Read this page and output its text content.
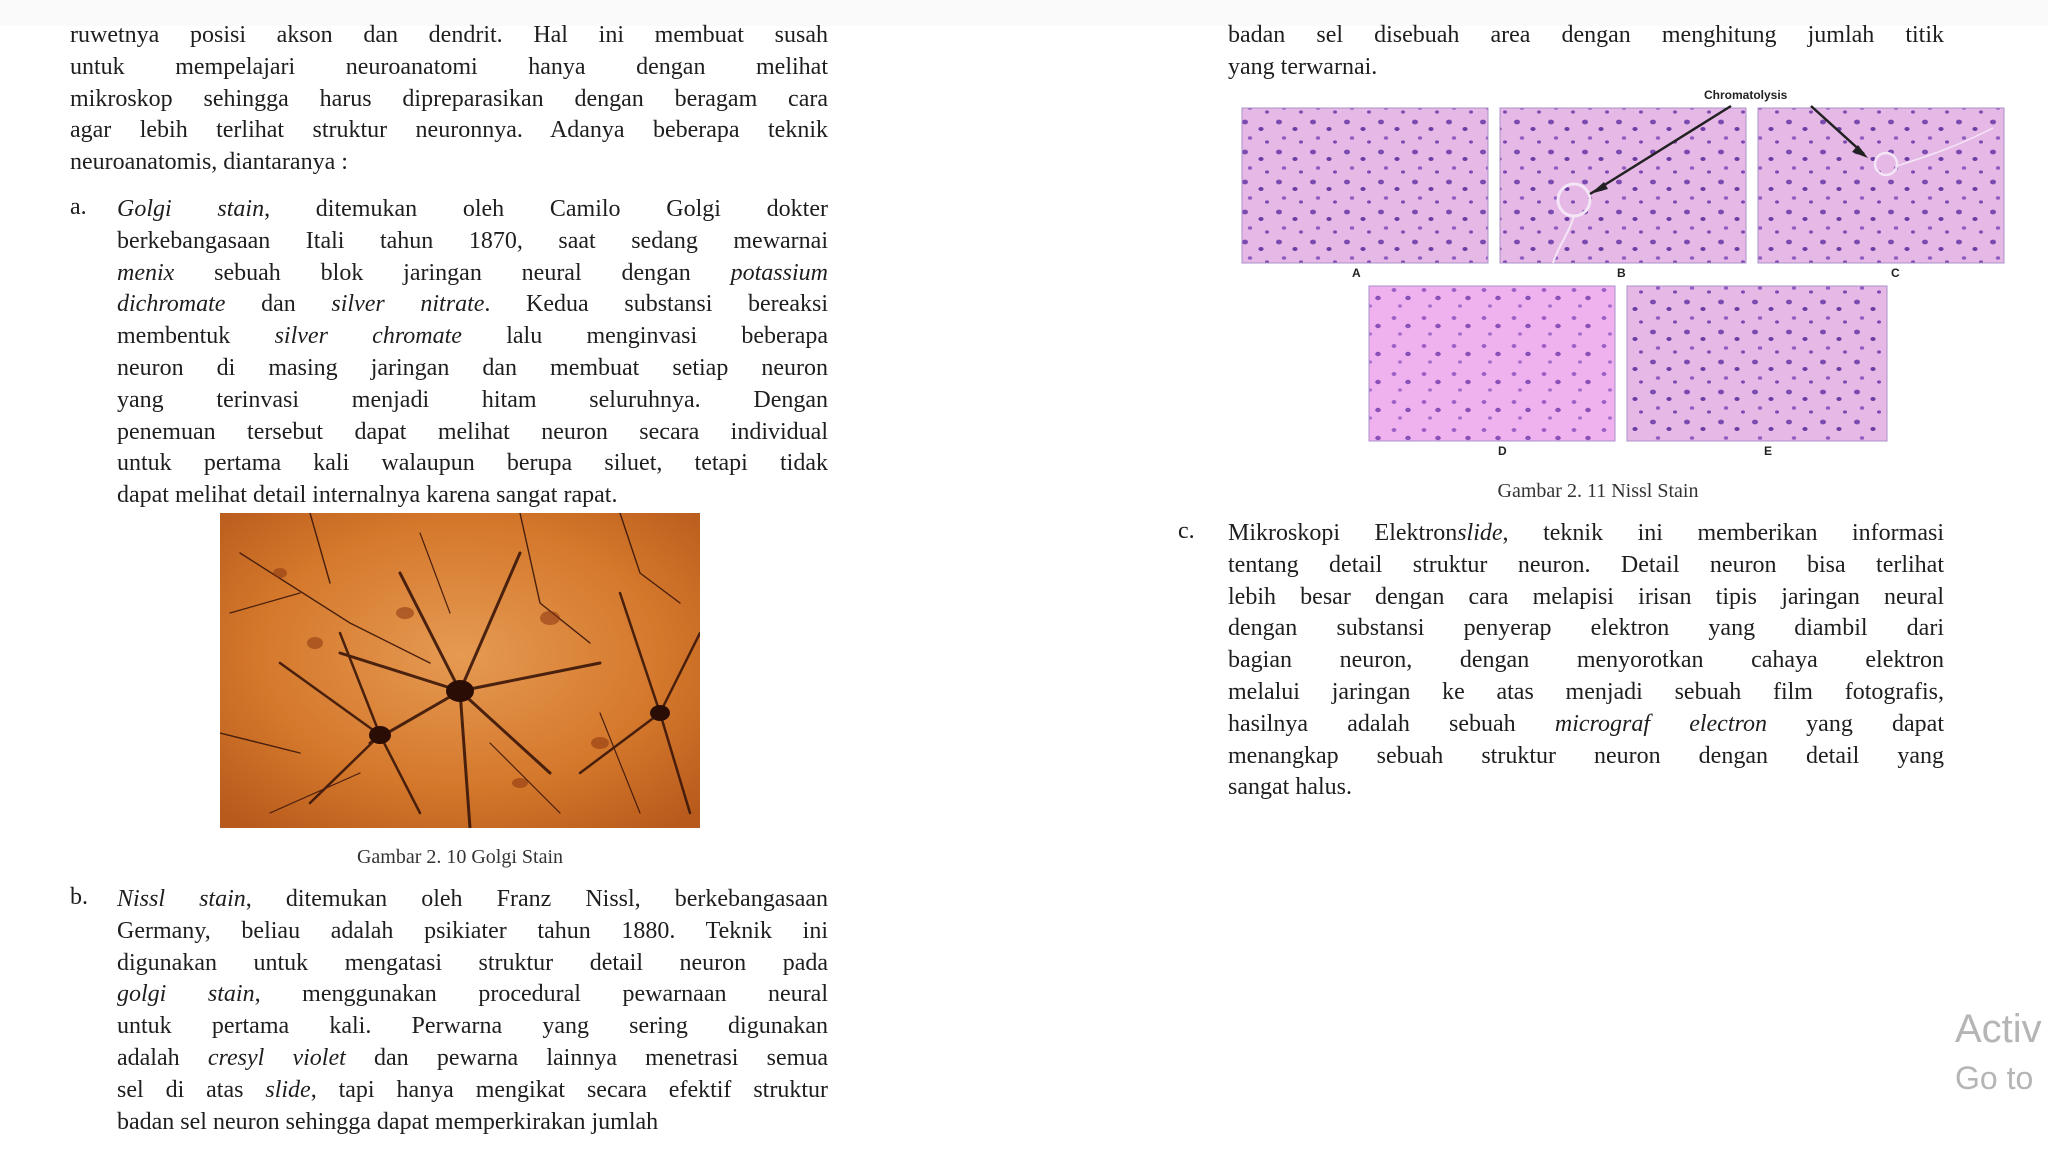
ruwetnya posisi akson dan dendrit. Hal ini membuat susah
untuk mempelajari neuroanatomi hanya dengan melihat
mikroskop sehingga harus dipreparasikan dengan beragam cara
agar lebih terlihat struktur neuronnya. Adanya beberapa teknik
neuroanatomis, diantaranya :
a. Golgi stain, ditemukan oleh Camilo Golgi dokter
berkebangasaan Itali tahun 1870, saat sedang mewarnai
menix sebuah blok jaringan neural dengan potassium
dichromate dan silver nitrate. Kedua substansi bereaksi
membentuk silver chromate lalu menginvasi beberapa
neuron di masing jaringan dan membuat setiap neuron
yang terinvasi menjadi hitam seluruhnya. Dengan
penemuan tersebut dapat melihat neuron secara individual
untuk pertama kali walaupun berupa siluet, tetapi tidak
dapat melihat detail internalnya karena sangat rapat.
Gambar 2. 10 Golgi Stain
b. Nissl stain, ditemukan oleh Franz Nissl, berkebangasaan
Germany, beliau adalah psikiater tahun 1880. Teknik ini
digunakan untuk mengatasi struktur detail neuron pada
golgi stain, menggunakan procedural pewarnaan neural
untuk pertama kali. Perwarna yang sering digunakan
adalah cresyl violet dan pewarna lainnya menetrasi semua
sel di atas slide, tapi hanya mengikat secara efektif struktur
badan sel neuron sehingga dapat memperkirakan jumlah
badan sel disebuah area dengan menghitung jumlah titik
yang terwarnai.
Chromatolysis
A	B	C
D	E
Gambar 2. 11 Nissl Stain
c. Mikroskopi Elektronslide, teknik ini memberikan informasi
tentang detail struktur neuron. Detail neuron bisa terlihat
lebih besar dengan cara melapisi irisan tipis jaringan neural
dengan substansi penyerap elektron yang diambil dari
bagian neuron, dengan menyorotkan cahaya elektron
melalui jaringan ke atas menjadi sebuah film fotografis,
hasilnya adalah sebuah micrograf electron yang dapat
menangkap sebuah struktur neuron dengan detail yang
sangat halus.
Activ
Go to
